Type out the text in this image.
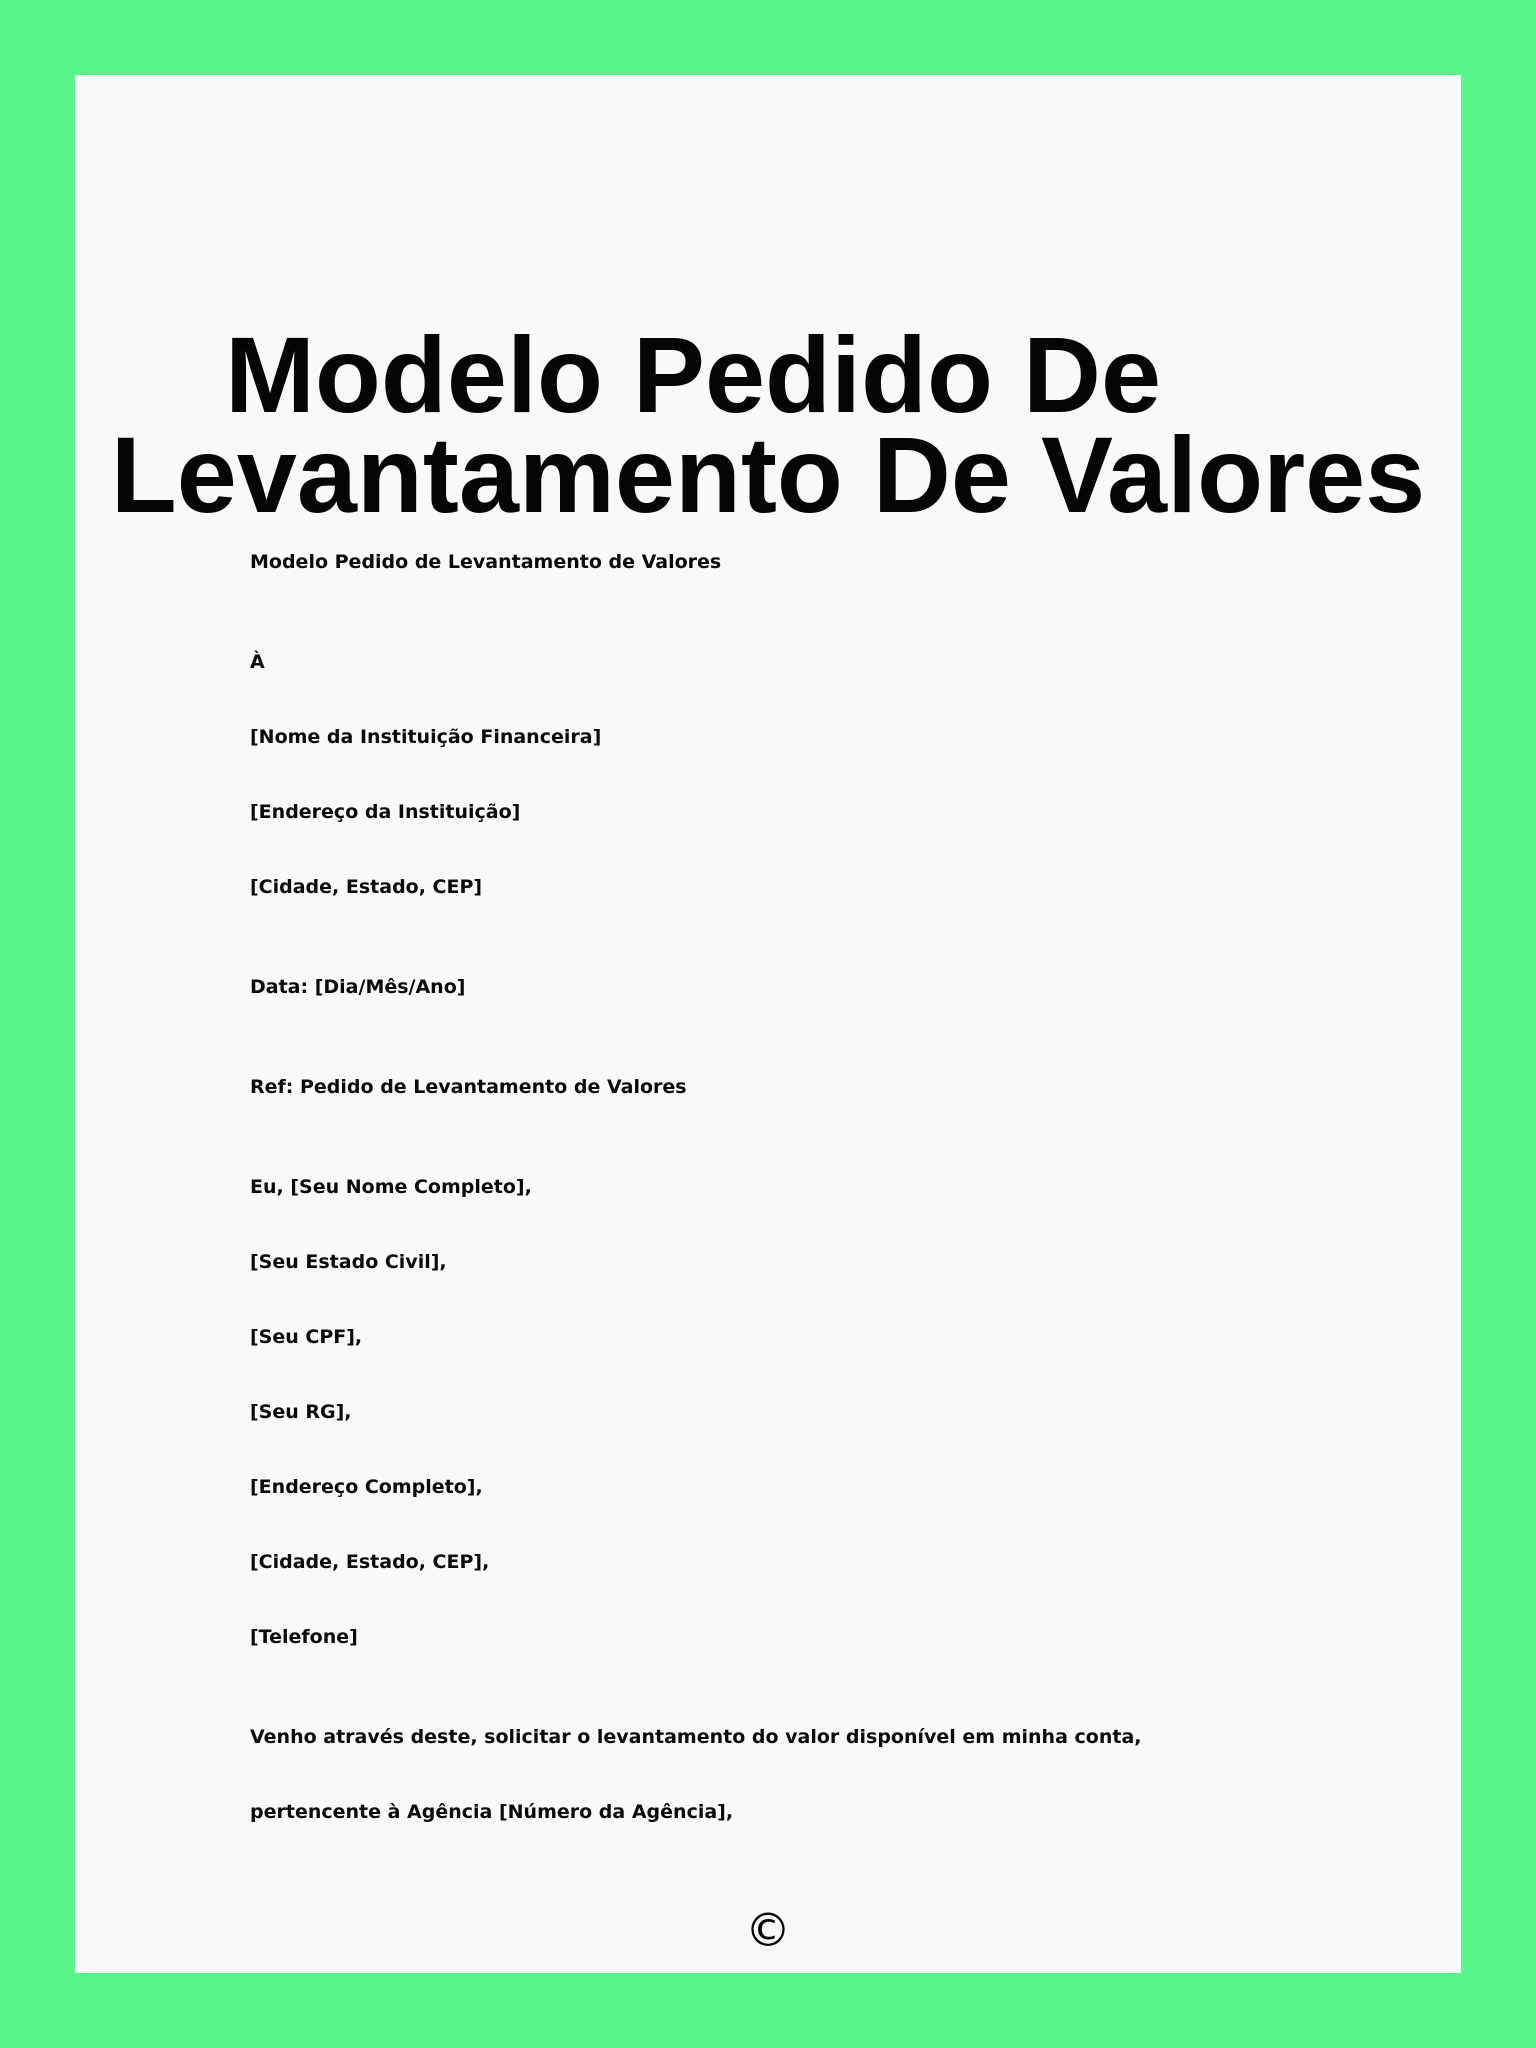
Modelo Pedido De
Levantamento De Valores

Modelo Pedido de Levantamento de Valores

À

[Nome da Instituição Financeira]

[Endereço da Instituição]

[Cidade, Estado, CEP]

Data: [Dia/Mês/Ano]

Ref: Pedido de Levantamento de Valores

Eu, [Seu Nome Completo],

[Seu Estado Civil],

[Seu CPF],

[Seu RG],

[Endereço Completo],

[Cidade, Estado, CEP],

[Telefone]

Venho através deste, solicitar o levantamento do valor disponível em minha conta,

pertencente à Agência [Número da Agência],

©
